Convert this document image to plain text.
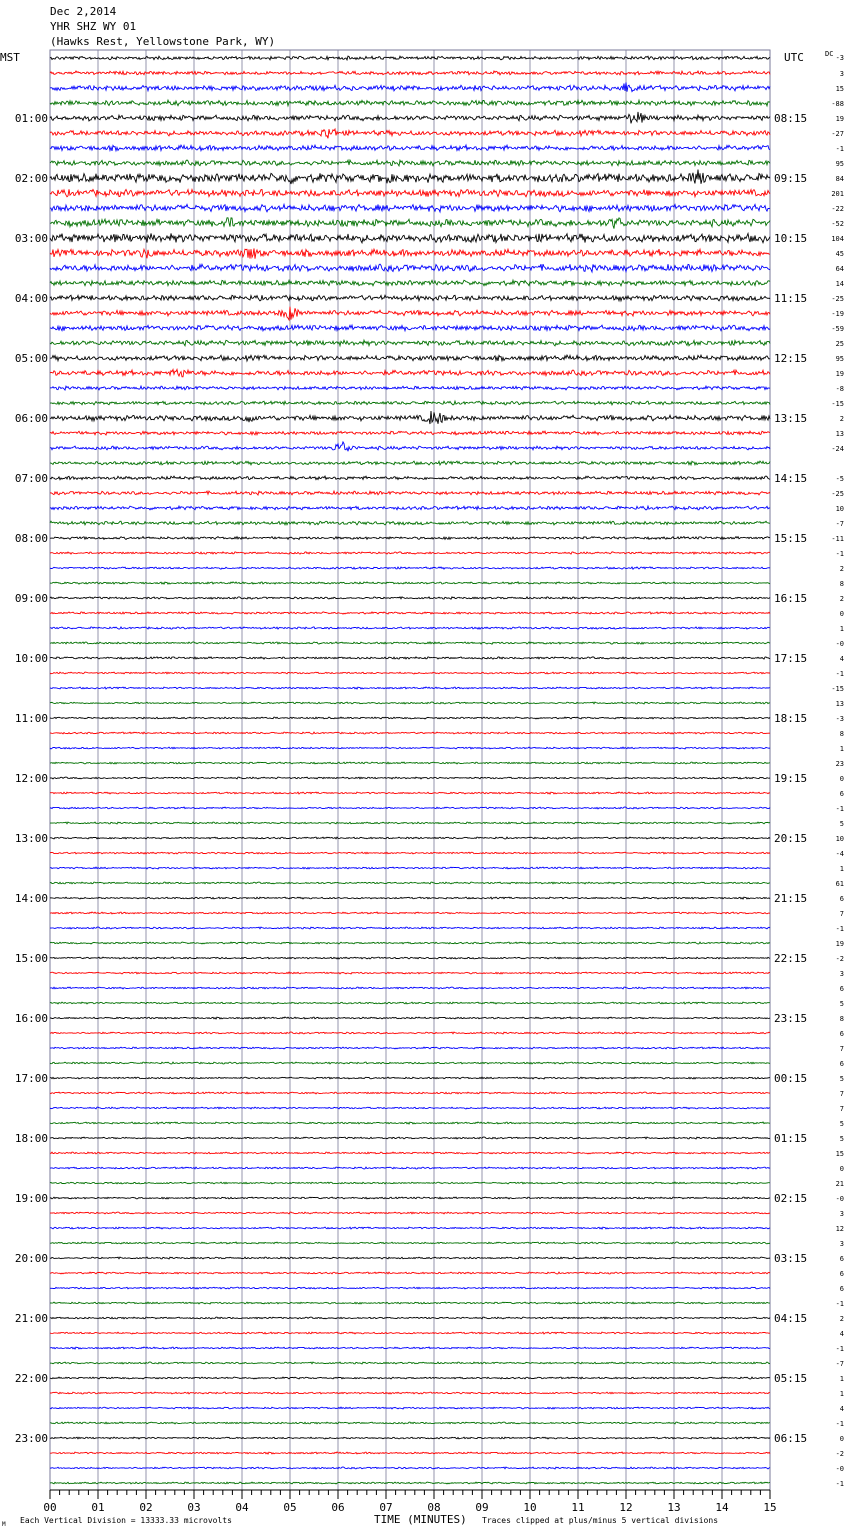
Dec 2,2014
YHR SHZ WY 01
(Hawks Rest, Yellowstone Park, WY)
00	01	02	03	04	05	06	07	08	09	10	11	12	13	14	15
-3
3
15
-88
19
-27
-1
95
84
201
-22
-52
104
45
64
14
-25
-19
-59
25
95
19
-8
-15
2
13
-24
-5
-25
10
-7
-11
-1
2
8
2
0
1
-0
4
-1
-15
13
-3
8
1
23
0
6
-1
5
10
-4
1
61
6
7
-1
19
-2
3
6
5
8
6
7
6
5
7
7
5
5
15
0
21
-0
3
12
3
6
6
6
-1
2
4
-1
-7
1
1
4
-1
0
-2
-0
-1
01:00
02:00
03:00
04:00
05:00
06:00
07:00
08:00
09:00
10:00
11:00
12:00
13:00
14:00
15:00
16:00
17:00
18:00
19:00
20:00
21:00
22:00
23:00
08:15
09:15
10:15
11:15
12:15
13:15
14:15
15:15
16:15
17:15
18:15
19:15
20:15
21:15
22:15
23:15
00:15
01:15
02:15
03:15
04:15
05:15
06:15
MST	UTC	DC
M Each Vertical Division = 13333.33 microvolts	TIME (MINUTES) Traces clipped at plus/minus 5 vertical divisions
